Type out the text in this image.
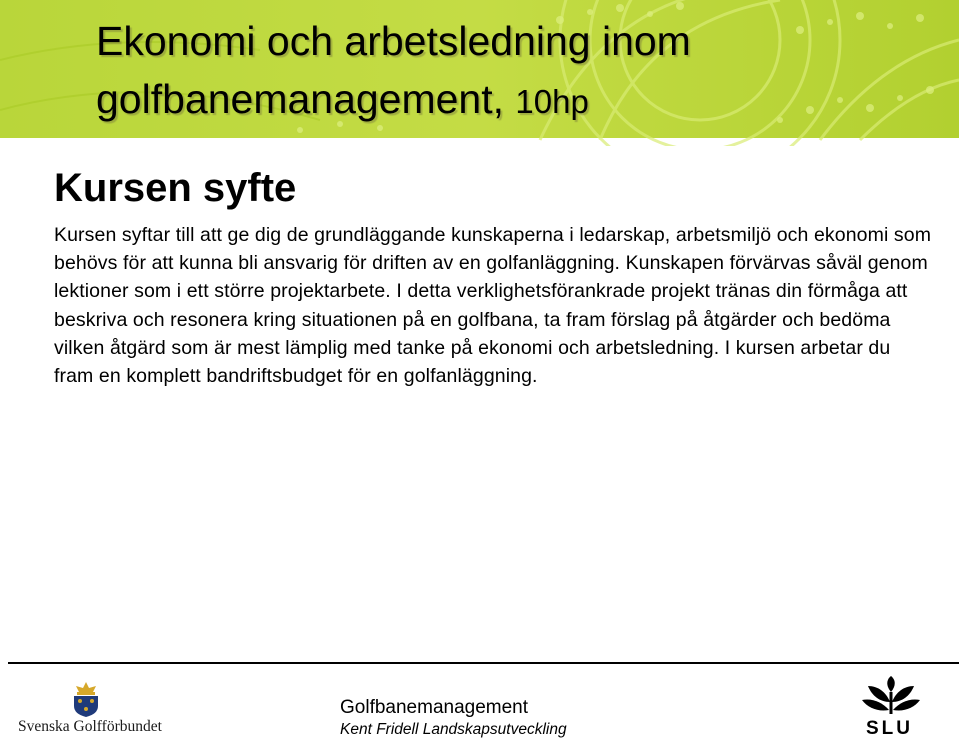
Ekonomi och arbetsledning inom
golfbanemanagement, 10hp
Kursen syfte

Kursen syftar till att ge dig de grundläggande kunskaperna i ledarskap, arbetsmiljö och ekonomi som behövs för att kunna bli ansvarig för driften av en golfanläggning. Kunskapen förvärvas såväl genom lektioner som i ett större projektarbete. I detta verklighetsförankrade projekt tränas din förmåga att beskriva och resonera kring situationen på en golfbana, ta fram förslag på åtgärder och bedöma vilken åtgärd som är mest lämplig med tanke på ekonomi och arbetsledning. I kursen arbetar du fram en komplett bandriftsbudget för en golfanläggning.

Svenska Golfförbundet
Golfbanemanagement
Kent Fridell Landskapsutveckling	SLU
